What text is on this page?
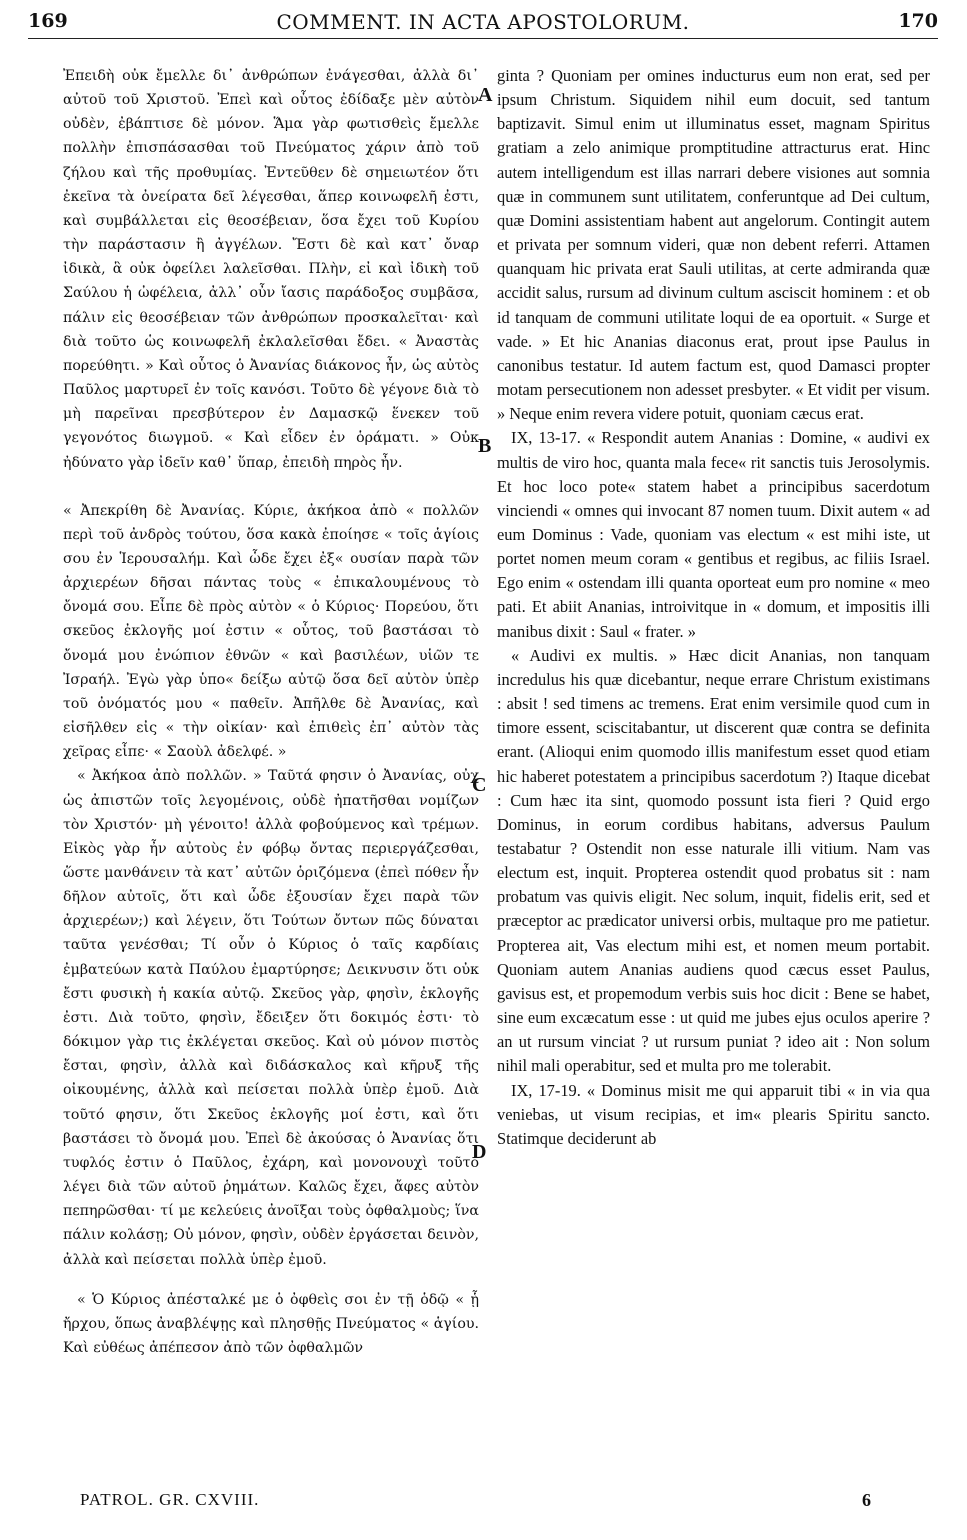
169	COMMENT. IN ACTA APOSTOLORUM.	170

Ἐπειδὴ οὐκ ἔμελλε δι᾽ ἀνθρώπων ἐνάγεσθαι, ἀλλὰ δι᾽ αὐτοῦ τοῦ Χριστοῦ. Ἐπεὶ καὶ οὗτος ἐδίδαξε μὲν αὐτὸν οὐδὲν, ἐβάπτισε δὲ μόνον. Ἅμα γὰρ φωτισθεὶς ἔμελλε πολλὴν ἐπισπάσασθαι τοῦ Πνεύματος χάριν ἀπὸ τοῦ ζήλου καὶ τῆς προθυμίας. Ἐντεῦθεν δὲ σημειωτέον ὅτι ἐκεῖνα τὰ ὀνείρατα δεῖ λέγεσθαι, ἅπερ κοινωφελῆ ἐστι, καὶ συμβάλλεται εἰς θεοσέβειαν, ὅσα ἔχει τοῦ Κυρίου τὴν παράστασιν ἢ ἀγγέλων. Ἔστι δὲ καὶ κατ᾽ ὄναρ ἰδικὰ, ἃ οὐκ ὀφείλει λαλεῖσθαι. Πλὴν, εἰ καὶ ἰδικὴ τοῦ Σαύλου ἡ ὠφέλεια, ἀλλ᾽ οὖν ἴασις παράδοξος συμβᾶσα, πάλιν εἰς θεοσέβειαν τῶν ἀνθρώπων προσκαλεῖται· καὶ διὰ τοῦτο ὡς κοινωφελῆ ἐκλαλεῖσθαι ἔδει. « Ἀναστὰς πορεύθητι. » Καὶ οὗτος ὁ Ἀνανίας διάκονος ἦν, ὡς αὐτὸς Παῦλος μαρτυρεῖ ἐν τοῖς κανόσι. Τοῦτο δὲ γέγονε διὰ τὸ μὴ παρεῖναι πρεσβύτερον ἐν Δαμασκῷ ἕνεκεν τοῦ γεγονότος διωγμοῦ. « Καὶ εἶδεν ἐν ὁράματι. » Οὐκ ἠδύνατο γὰρ ἰδεῖν καθ᾽ ὕπαρ, ἐπειδὴ πηρὸς ἦν.

« Ἀπεκρίθη δὲ Ἀνανίας. Κύριε, ἀκήκοα ἀπὸ « πολλῶν περὶ τοῦ ἀνδρὸς τούτου, ὅσα κακὰ ἐποίησε « τοῖς ἁγίοις σου ἐν Ἱερουσαλήμ. Καὶ ὧδε ἔχει ἐξ« ουσίαν παρὰ τῶν ἀρχιερέων δῆσαι πάντας τοὺς « ἐπικαλουμένους τὸ ὄνομά σου. Εἶπε δὲ πρὸς αὐτὸν « ὁ Κύριος· Πορεύου, ὅτι σκεῦος ἐκλογῆς μοί ἐστιν « οὗτος, τοῦ βαστάσαι τὸ ὄνομά μου ἐνώπιον ἐθνῶν « καὶ βασιλέων, υἱῶν τε Ἰσραήλ. Ἐγὼ γὰρ ὑπο« δείξω αὐτῷ ὅσα δεῖ αὐτὸν ὑπὲρ τοῦ ὀνόματός μου « παθεῖν. Ἀπῆλθε δὲ Ἀνανίας, καὶ εἰσῆλθεν εἰς « τὴν οἰκίαν· καὶ ἐπιθεὶς ἐπ᾽ αὐτὸν τὰς χεῖρας εἶπε· « Σαοὺλ ἀδελφέ. »

« Ἀκήκοα ἀπὸ πολλῶν. » Ταῦτά φησιν ὁ Ἀνανίας, οὐχ ὡς ἀπιστῶν τοῖς λεγομένοις, οὐδὲ ἠπατῆσθαι νομίζων τὸν Χριστόν· μὴ γένοιτο! ἀλλὰ φοβούμενος καὶ τρέμων. Εἰκὸς γὰρ ἦν αὐτοὺς ἐν φόβῳ ὄντας περιεργάζεσθαι, ὥστε μανθάνειν τὰ κατ᾽ αὐτῶν ὁριζόμενα (ἐπεὶ πόθεν ἦν δῆλον αὐτοῖς, ὅτι καὶ ὧδε ἐξουσίαν ἔχει παρὰ τῶν ἀρχιερέων;) καὶ λέγειν, ὅτι Τούτων ὄντων πῶς δύναται ταῦτα γενέσθαι; Τί οὖν ὁ Κύριος ὁ ταῖς καρδίαις ἐμβατεύων κατὰ Παύλου ἐμαρτύρησε; Δεικνυσιν ὅτι οὐκ ἔστι φυσικὴ ἡ κακία αὐτῷ. Σκεῦος γὰρ, φησὶν, ἐκλογῆς ἐστι. Διὰ τοῦτο, φησὶν, ἔδειξεν ὅτι δοκιμός ἐστι· τὸ δόκιμον γὰρ τις ἐκλέγεται σκεῦος. Καὶ οὐ μόνον πιστὸς ἔσται, φησὶν, ἀλλὰ καὶ διδάσκαλος καὶ κῆρυξ τῆς οἰκουμένης, ἀλλὰ καὶ πείσεται πολλὰ ὑπὲρ ἐμοῦ. Διὰ τοῦτό φησιν, ὅτι Σκεῦος ἐκλογῆς μοί ἐστι, καὶ ὅτι βαστάσει τὸ ὄνομά μου. Ἐπεὶ δὲ ἀκούσας ὁ Ἀνανίας ὅτι τυφλός ἐστιν ὁ Παῦλος, ἐχάρη, καὶ μονονουχὶ τοῦτο λέγει διὰ τῶν αὐτοῦ ῥημάτων. Καλῶς ἔχει, ἄφες αὐτὸν πεπηρῶσθαι· τί με κελεύεις ἀνοῖξαι τοὺς ὀφθαλμοὺς; ἵνα πάλιν κολάσῃ; Οὐ μόνον, φησὶν, οὐδὲν ἐργάσεται δεινὸν, ἀλλὰ καὶ πείσεται πολλὰ ὑπὲρ ἐμοῦ.

« Ὁ Κύριος ἀπέσταλκέ με ὁ ὀφθεὶς σοι ἐν τῇ ὁδῷ « ᾗ ἤρχου, ὅπως ἀναβλέψῃς καὶ πλησθῇς Πνεύματος « ἁγίου. Καὶ εὐθέως ἀπέπεσον ἀπὸ τῶν ὀφθαλμῶν

A
B
C
D

ginta ? Quoniam per omines inducturus eum non erat, sed per ipsum Christum. Siquidem nihil eum docuit, sed tantum baptizavit. Simul enim ut illuminatus esset, magnam Spiritus gratiam a zelo animique promptitudine attracturus erat. Hinc autem intelligendum est illas narrari debere visiones aut somnia quæ in communem sunt utilitatem, conferuntque ad Dei cultum, quæ Domini assistentiam habent aut angelorum. Contingit autem et privata per somnum videri, quæ non debent referri. Attamen quanquam hic privata erat Sauli utilitas, at certe admiranda quæ accidit salus, rursum ad divinum cultum asciscit hominem : et ob id tanquam de communi utilitate loqui de ea oportuit. « Surge et vade. » Et hic Ananias diaconus erat, prout ipse Paulus in canonibus testatur. Id autem factum est, quod Damasci propter motam persecutionem non adesset presbyter. « Et vidit per visum. » Neque enim revera videre potuit, quoniam cæcus erat.

IX, 13-17. « Respondit autem Ananias : Domine, « audivi ex multis de viro hoc, quanta mala fece« rit sanctis tuis Jerosolymis. Et hoc loco pote« statem habet a principibus sacerdotum vinciendi « omnes qui invocant 87 nomen tuum. Dixit autem « ad eum Dominus : Vade, quoniam vas electum « est mihi iste, ut portet nomen meum coram « gentibus et regibus, ac filiis Israel. Ego enim « ostendam illi quanta oporteat eum pro nomine « meo pati. Et abiit Ananias, introivitque in « domum, et impositis illi manibus dixit : Saul « frater. »

« Audivi ex multis. » Hæc dicit Ananias, non tanquam incredulus his quæ dicebantur, neque errare Christum existimans : absit ! sed timens ac tremens. Erat enim versimile quod cum in timore essent, sciscitabantur, ut discerent quæ contra se definita erant. (Alioqui enim quomodo illis manifestum esset quod etiam hic haberet potestatem a principibus sacerdotum ?) Itaque dicebat : Cum hæc ita sint, quomodo possunt ista fieri ? Quid ergo Dominus, in eorum cordibus habitans, adversus Paulum testabatur ? Ostendit non esse naturale illi vitium. Nam vas electum est, inquit. Propterea ostendit quod probatus sit : nam probatum vas quivis eligit. Nec solum, inquit, fidelis erit, sed et præceptor ac prædicator universi orbis, multaque pro me patietur. Propterea ait, Vas electum mihi est, et nomen meum portabit. Quoniam autem Ananias audiens quod cæcus esset Paulus, gavisus est, et propemodum verbis suis hoc dicit : Bene se habet, sine eum excæcatum esse : ut quid me jubes ejus oculos aperire ? an ut rursum vinciat ? ut rursum puniat ? ideo ait : Non solum nihil mali operabitur, sed et multa pro me tolerabit.

IX, 17-19. « Dominus misit me qui apparuit tibi « in via qua veniebas, ut visum recipias, et im« plearis Spiritu sancto. Statimque deciderunt ab

PATROL. GR. CXVIII.	6
